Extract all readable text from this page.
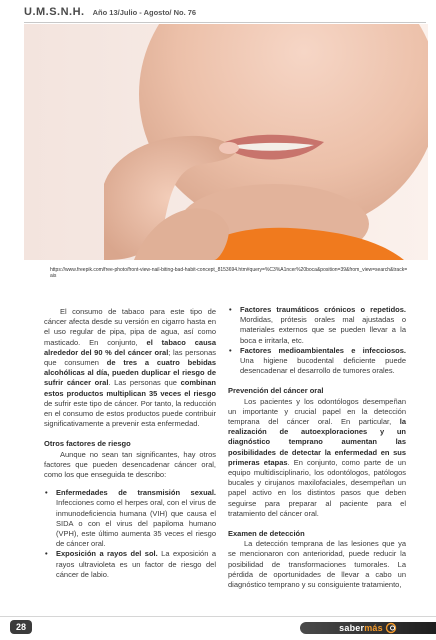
U.M.S.N.H. Año 13/Julio - Agosto/ No. 76
https://www.freepik.com/free-photo/front-view-nail-biting-bad-habit-concept_8153694.htm#query=%C3%A1ncer%20boca&position=39&from_view=search&track=ais

El consumo de tabaco para este tipo de cáncer afecta desde su versión en cigarro hasta en el uso regular de pipa, pipa de agua, así como masticado. En conjunto, el tabaco causa alrededor del 90 % del cáncer oral; las personas que consumen de tres a cuatro bebidas alcohólicas al día, pueden duplicar el riesgo de sufrir cáncer oral. Las personas que combinan estos productos multiplican 35 veces el riesgo de sufrir este tipo de cáncer. Por tanto, la reducción en el consumo de estos productos puede contribuir significativamente a prevenir esta enfermedad.

Otros factores de riesgo

Aunque no sean tan significantes, hay otros factores que pueden desencadenar cáncer oral, como los que enseguida te describo:

• Enfermedades de transmisión sexual. Infecciones como el herpes oral, con el virus de inmunodeficiencia humana (VIH) que causa el SIDA o con el virus del papiloma humano (VPH), este último aumenta 35 veces el riesgo de cáncer oral.
• Exposición a rayos del sol. La exposición a rayos ultravioleta es un factor de riesgo del cáncer de labio.
• Factores traumáticos crónicos o repetidos. Mordidas, prótesis orales mal ajustadas o materiales externos que se pueden llevar a la boca e irritarla, etc.
• Factores medioambientales e infecciosos. Una higiene bucodental deficiente puede desencadenar el desarrollo de tumores orales.
Prevención del cáncer oral

Los pacientes y los odontólogos desempeñan un importante y crucial papel en la detección temprana del cáncer oral. En particular, la realización de autoexploraciones y un diagnóstico temprano aumentan las posibilidades de detectar la enfermedad en sus primeras etapas. En conjunto, como parte de un equipo multidisciplinario, los odontólogos, patólogos bucales y cirujanos maxilofaciales, desempeñan un papel activo en los distintos pasos que deben seguirse para preparar al paciente para el tratamiento del cáncer oral.

Examen de detección

La detección temprana de las lesiones que ya se mencionaron con anterioridad, puede reducir la posibilidad de transformaciones tumorales. La pérdida de oportunidades de llevar a cabo un diagnóstico temprano y su consiguiente tratamiento,

28	saber más
